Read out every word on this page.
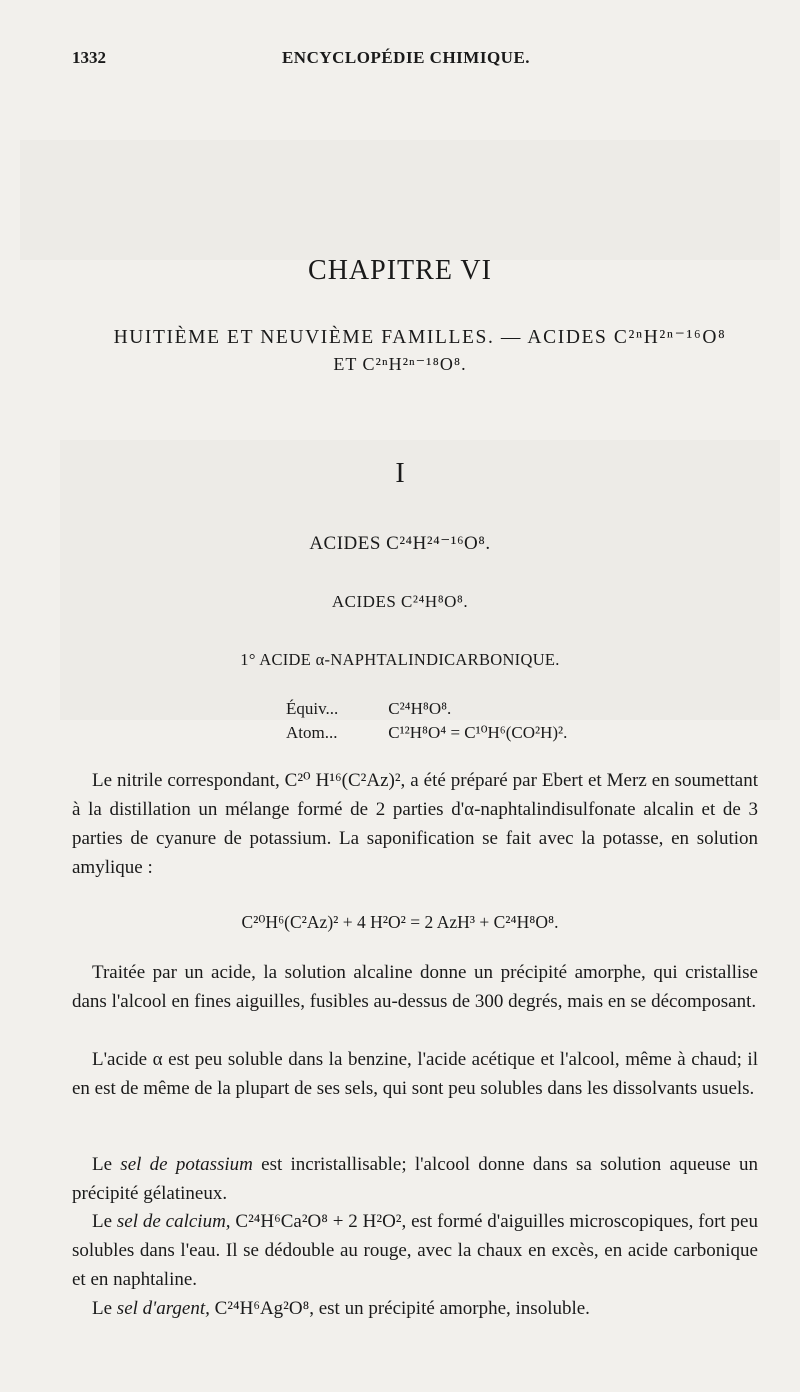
1332	ENCYCLOPÉDIE CHIMIQUE.
CHAPITRE VI
HUITIÈME ET NEUVIÈME FAMILLES. — ACIDES C²ⁿH²ⁿ⁻¹⁶O⁸
ET C²ⁿH²ⁿ⁻¹⁸O⁸.
I
ACIDES C²⁴H²⁴⁻¹⁶O⁸.
ACIDES C²⁴H⁸O⁸.
1° ACIDE α-NAPHTALINDICARBONIQUE.
Équiv...	C²⁴H⁸O⁸.
Atom...	C¹²H⁸O⁴ = C¹⁰H⁶(CO²H)².
Le nitrile correspondant, C²⁰ H¹⁶(C²Az)², a été préparé par Ebert et Merz en soumettant à la distillation un mélange formé de 2 parties d'α-naphtalindisulfonate alcalin et de 3 parties de cyanure de potassium. La saponification se fait avec la potasse, en solution amylique :
C²⁰H⁶(C²Az)² + 4 H²O² = 2 AzH³ + C²⁴H⁸O⁸.
Traitée par un acide, la solution alcaline donne un précipité amorphe, qui cristallise dans l'alcool en fines aiguilles, fusibles au-dessus de 300 degrés, mais en se décomposant.
L'acide α est peu soluble dans la benzine, l'acide acétique et l'alcool, même à chaud; il en est de même de la plupart de ses sels, qui sont peu solubles dans les dissolvants usuels.
Le sel de potassium est incristallisable; l'alcool donne dans sa solution aqueuse un précipité gélatineux.
Le sel de calcium, C²⁴H⁶Ca²O⁸ + 2 H²O², est formé d'aiguilles microscopiques, fort peu solubles dans l'eau. Il se dédouble au rouge, avec la chaux en excès, en acide carbonique et en naphtaline.
Le sel d'argent, C²⁴H⁶Ag²O⁸, est un précipité amorphe, insoluble.
